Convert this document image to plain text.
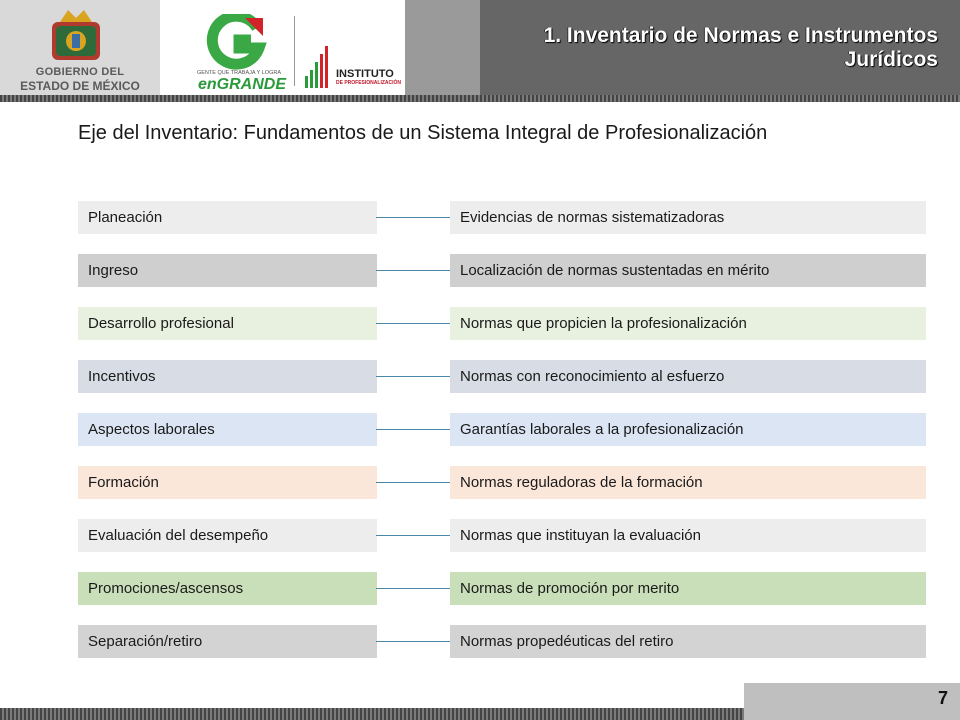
GOBIERNO DEL
ESTADO DE MÉXICO
GENTE QUE TRABAJA Y LOGRA
enGRANDE
INSTITUTO
DE PROFESIONALIZACIÓN
1. Inventario de Normas e Instrumentos Jurídicos
Eje del Inventario: Fundamentos de un Sistema Integral de Profesionalización
Planeación	Evidencias de normas sistematizadoras
Ingreso	Localización de normas sustentadas en mérito
Desarrollo profesional	Normas que propicien la profesionalización
Incentivos	Normas con reconocimiento al esfuerzo
Aspectos laborales	Garantías laborales a la profesionalización
Formación	Normas reguladoras de la formación
Evaluación del desempeño	Normas que instituyan la evaluación
Promociones/ascensos	Normas de promoción por merito
Separación/retiro	Normas propedéuticas del retiro
7
